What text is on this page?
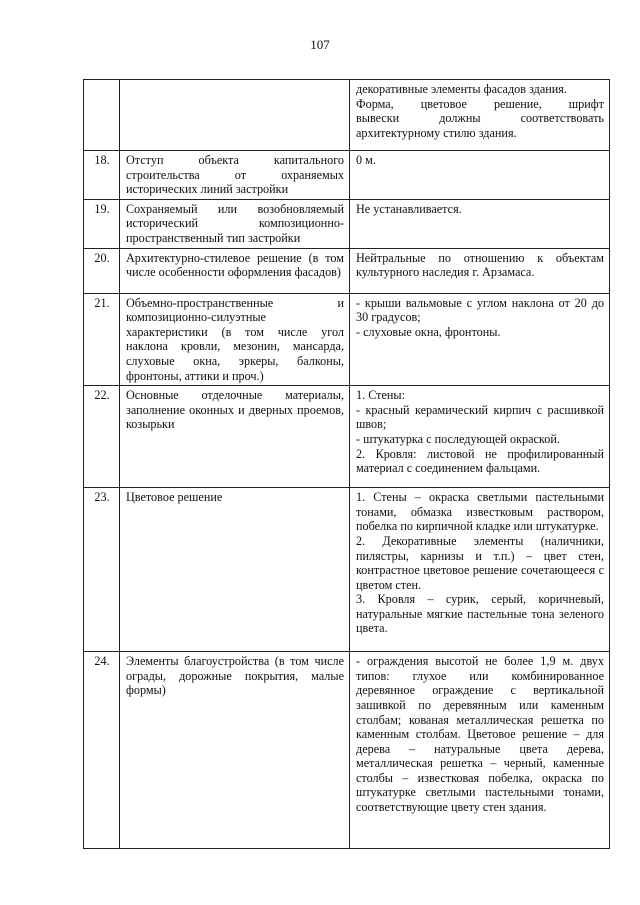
107

		декоративные элементы фасадов здания.
Форма, цветовое решение, шрифт
вывески должны соответствовать
архитектурному стилю здания.

18.	Отступ объекта капитального строительства от охраняемых исторических линий застройки	0 м.

19.	Сохраняемый или возобновляемый исторический композиционно-пространственный тип застройки	Не устанавливается.

20.	Архитектурно-стилевое решение (в том числе особенности оформления фасадов)	Нейтральные по отношению к объектам культурного наследия г. Арзамаса.

21.	Объемно-пространственные и композиционно-силуэтные характеристики (в том числе угол наклона кровли, мезонин, мансарда, слуховые окна, эркеры, балконы, фронтоны, аттики и проч.)	- крыши вальмовые с углом наклона от 20 до 30 градусов;
- слуховые окна, фронтоны.

22.	Основные отделочные материалы, заполнение оконных и дверных проемов, козырьки	1. Стены:
- красный керамический кирпич с расшивкой швов;
- штукатурка с последующей окраской.
2. Кровля: листовой не профилированный материал с соединением фальцами.

23.	Цветовое решение	1. Стены – окраска светлыми пастельными тонами, обмазка известковым раствором, побелка по кирпичной кладке или штукатурке.
2. Декоративные элементы (наличники, пилястры, карнизы и т.п.) – цвет стен, контрастное цветовое решение сочетающееся с цветом стен.
3. Кровля – сурик, серый, коричневый, натуральные мягкие пастельные тона зеленого цвета.

24.	Элементы благоустройства (в том числе ограды, дорожные покрытия, малые формы)	- ограждения высотой не более 1,9 м. двух типов: глухое или комбинированное деревянное ограждение с вертикальной зашивкой по деревянным или каменным столбам; кованая металлическая решетка по каменным столбам. Цветовое решение – для дерева – натуральные цвета дерева, металлическая решетка – черный, каменные столбы – известковая побелка, окраска по штукатурке светлыми пастельными тонами, соответствующие цвету стен здания.
